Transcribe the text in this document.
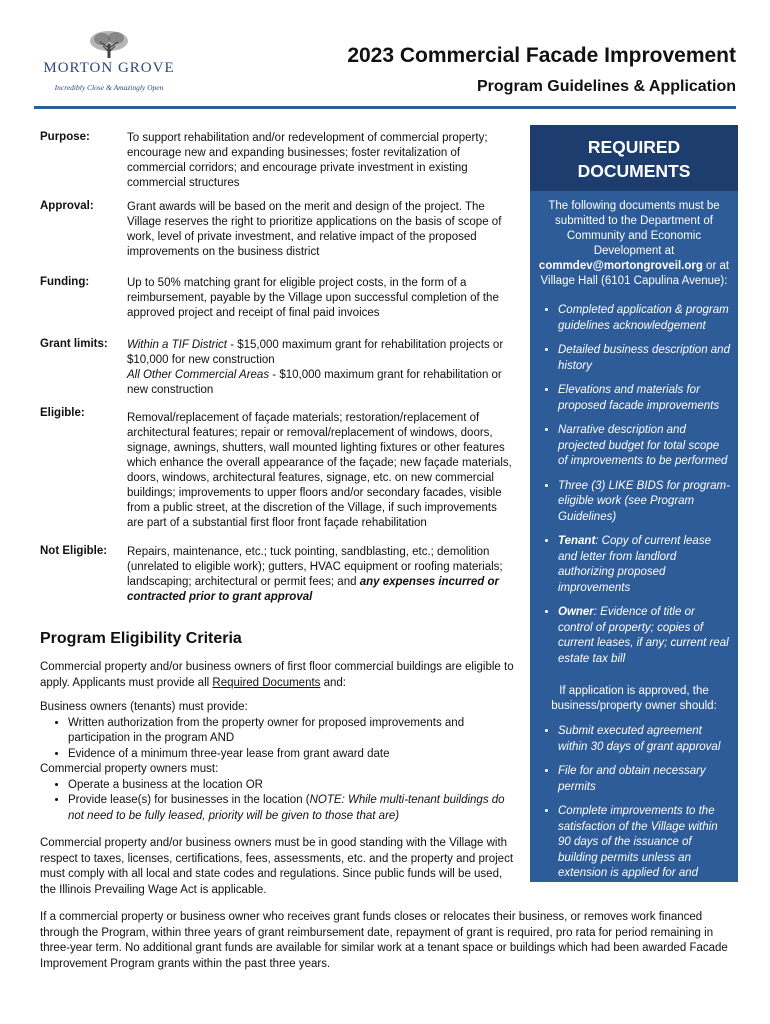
MORTON GROVE
Incredibly Close & Amazingly Open
2023 Commercial Facade Improvement
Program Guidelines & Application
Purpose:	To support rehabilitation and/or redevelopment of commercial property; encourage new and expanding businesses; foster revitalization of commercial corridors; and encourage private investment in existing commercial structures
Approval:	Grant awards will be based on the merit and design of the project. The Village reserves the right to prioritize applications on the basis of scope of work, level of private investment, and relative impact of the proposed improvements on the business district
Funding:	Up to 50% matching grant for eligible project costs, in the form of a reimbursement, payable by the Village upon successful completion of the approved project and receipt of final paid invoices
Grant limits: Within a TIF District - $15,000 maximum grant for rehabilitation projects or $10,000 for new construction
All Other Commercial Areas - $10,000 maximum grant for rehabilitation or new construction
Eligible:	Removal/replacement of façade materials; restoration/replacement of architectural features; repair or removal/replacement of windows, doors, signage, awnings, shutters, wall mounted lighting fixtures or other features which enhance the overall appearance of the façade; new façade materials, doors, windows, architectural features, signage, etc. on new commercial buildings; improvements to upper floors and/or secondary facades, visible from a public street, at the discretion of the Village, if such improvements are part of a substantial first floor front façade rehabilitation
Not Eligible: Repairs, maintenance, etc.; tuck pointing, sandblasting, etc.; demolition (unrelated to eligible work); gutters, HVAC equipment or roofing materials; landscaping; architectural or permit fees; and any expenses incurred or contracted prior to grant approval
Program Eligibility Criteria
Commercial property and/or business owners of first floor commercial buildings are eligible to apply. Applicants must provide all Required Documents and:
Business owners (tenants) must provide:
• Written authorization from the property owner for proposed improvements and participation in the program AND
• Evidence of a minimum three-year lease from grant award date
Commercial property owners must:
• Operate a business at the location OR
• Provide lease(s) for businesses in the location (NOTE: While multi-tenant buildings do not need to be fully leased, priority will be given to those that are)
Commercial property and/or business owners must be in good standing with the Village with respect to taxes, licenses, certifications, fees, assessments, etc. and the property and project must comply with all local and state codes and regulations. Since public funds will be used, the Illinois Prevailing Wage Act is applicable.
If a commercial property or business owner who receives grant funds closes or relocates their business, or removes work financed through the Program, within three years of grant reimbursement date, repayment of grant is required, pro rata for period remaining in three-year term. No additional grant funds are available for similar work at a tenant space or buildings which had been awarded Facade Improvement Program grants within the past three years.
REQUIRED DOCUMENTS
The following documents must be submitted to the Department of Community and Economic Development at commdev@mortongroveil.org or at Village Hall (6101 Capulina Avenue):
• Completed application & program guidelines acknowledgement
• Detailed business description and history
• Elevations and materials for proposed facade improvements
• Narrative description and projected budget for total scope of improvements to be performed
• Three (3) LIKE BIDS for program-eligible work (see Program Guidelines)
• Tenant: Copy of current lease and letter from landlord authorizing proposed improvements
• Owner: Evidence of title or control of property; copies of current leases, if any; current real estate tax bill
If application is approved, the business/property owner should:
• Submit executed agreement within 30 days of grant approval
• File for and obtain necessary permits
• Complete improvements to the satisfaction of the Village within 90 days of the issuance of building permits unless an extension is applied for and granted
